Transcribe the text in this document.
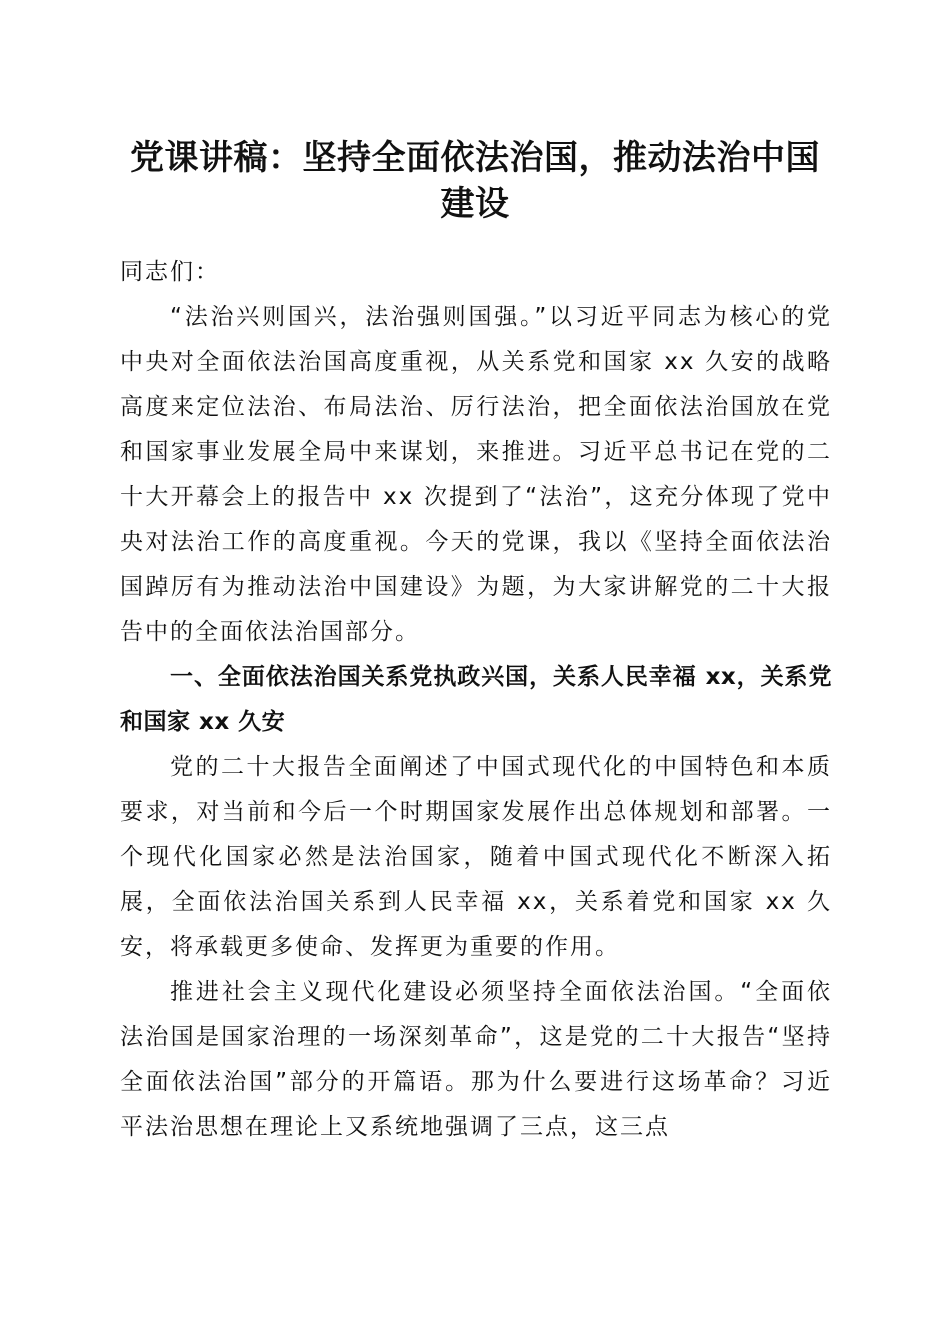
党课讲稿：坚持全面依法治国，推动法治中国
建设

同志们：

“法治兴则国兴，法治强则国强。”以习近平同志为核心的党中央对全面依法治国高度重视，从关系党和国家 xx 久安的战略高度来定位法治、布局法治、厉行法治，把全面依法治国放在党和国家事业发展全局中来谋划，来推进。习近平总书记在党的二十大开幕会上的报告中 xx 次提到了“法治”，这充分体现了党中央对法治工作的高度重视。今天的党课，我以《坚持全面依法治国踔厉有为推动法治中国建设》为题，为大家讲解党的二十大报告中的全面依法治国部分。

一、全面依法治国关系党执政兴国，关系人民幸福 xx，关系党和国家 xx 久安

党的二十大报告全面阐述了中国式现代化的中国特色和本质要求，对当前和今后一个时期国家发展作出总体规划和部署。一个现代化国家必然是法治国家，随着中国式现代化不断深入拓展，全面依法治国关系到人民幸福 xx，关系着党和国家 xx 久安，将承载更多使命、发挥更为重要的作用。

推进社会主义现代化建设必须坚持全面依法治国。“全面依法治国是国家治理的一场深刻革命”，这是党的二十大报告“坚持全面依法治国”部分的开篇语。那为什么要进行这场革命？习近平法治思想在理论上又系统地强调了三点，这三点
